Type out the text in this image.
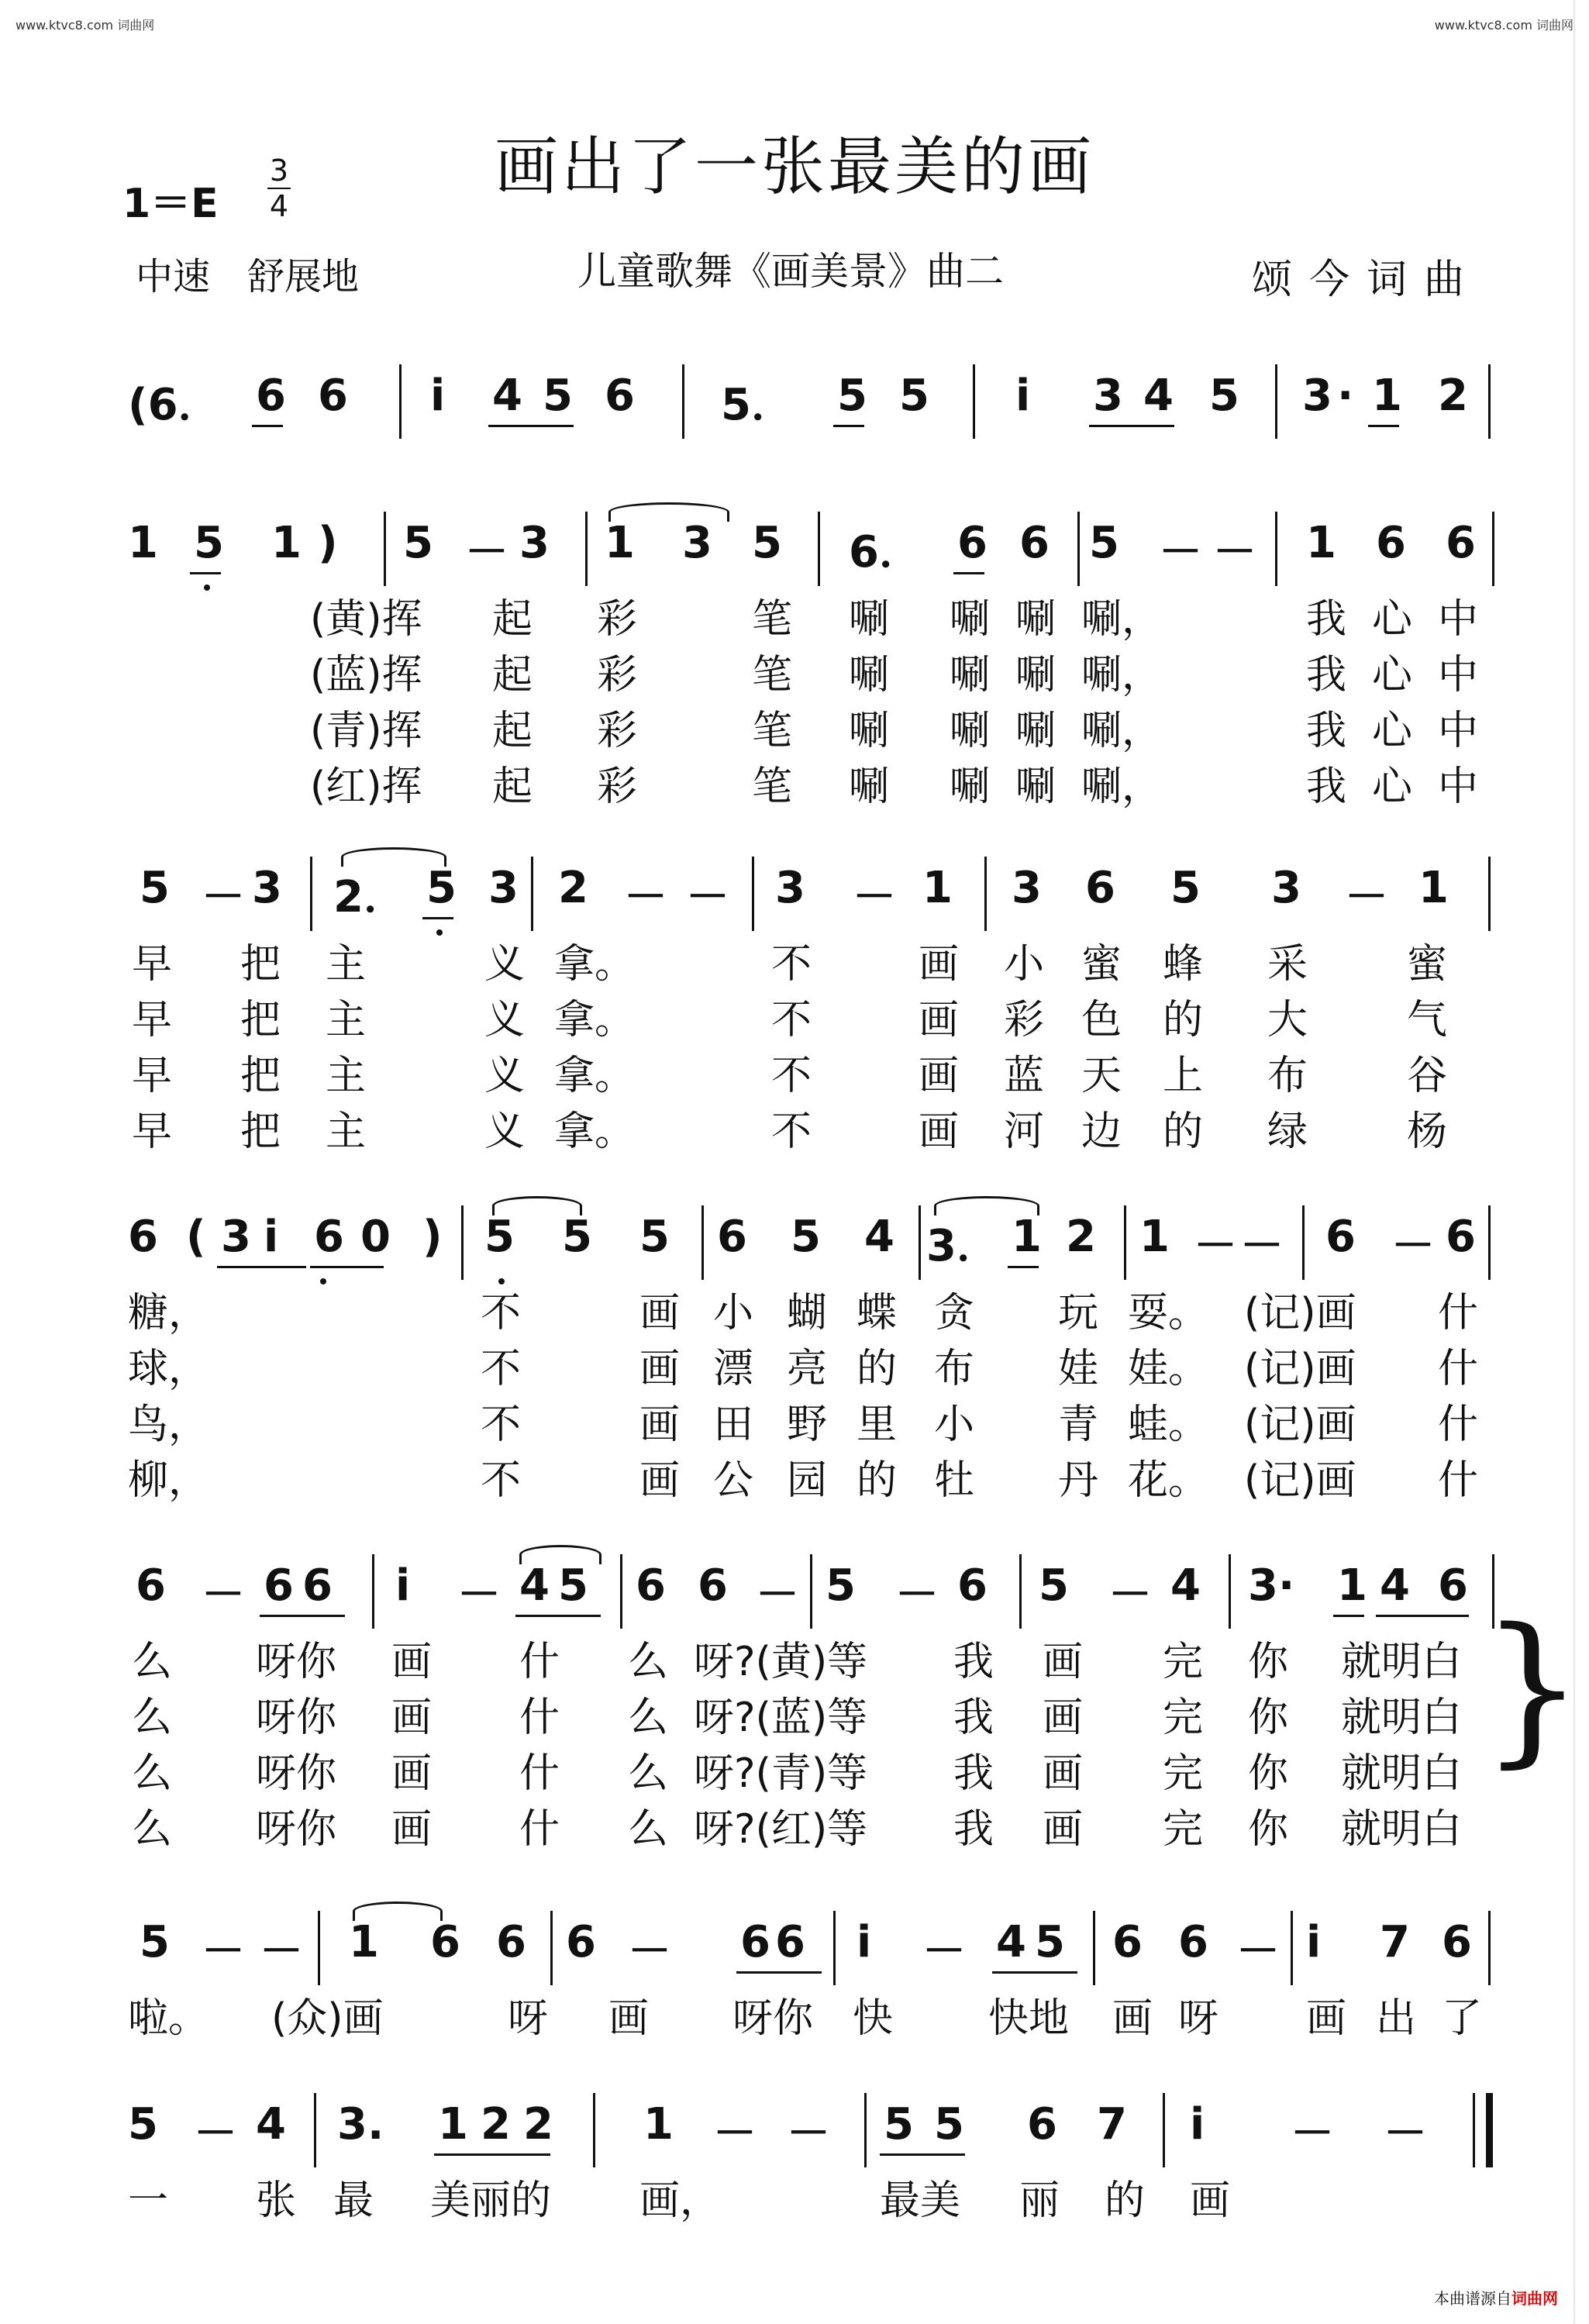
www.ktvc8.com 词曲网	www.ktvc8.com 词曲网
画出了一张最美的画
1＝E
3
4
中速　舒展地	儿童歌舞《画美景》曲二	颂今词曲
(6． 6 6 i 4 5 6 5． 5 5 i 3 4 5 3 · 1 2
1 5 1 ) 5 － 3 1 3 5 6． 6 6 5 － － 1 6 6
(黄)挥 起 彩	笔 唰 唰 唰 唰，	我 心 中
(蓝)挥 起 彩	笔 唰 唰 唰 唰，	我 心 中
(青)挥 起 彩	笔 唰 唰 唰 唰，	我 心 中
(红)挥 起 彩	笔 唰 唰 唰 唰，	我 心 中
5 － 3 2． 5 3 2 － － 3 － 1 3 6 5 3 － 1
早 把 主	义 拿。	不	画 小 蜜 蜂 采 蜜
早 把 主	义 拿。	不	画 彩 色 的 大 气
早 把 主	义 拿。	不	画 蓝 天 上 布 谷
早 把 主	义 拿。	不	画 河 边 的 绿 杨
6 ( 3 i 6 0 ) 5 5 5 6 5 4 3． 1 2 1 － － 6 － 6
糖，	不	画 小 蝴 蝶 贪 玩 耍。 (记)画 什
球，	不	画 漂 亮 的 布 娃 娃。 (记)画 什
鸟，	不	画 田 野 里 小 青 蛙。 (记)画 什
柳，	不	画 公 园 的 牡 丹 花。 (记)画 什
6 － 6 6 i － 4 5 6 6 － 5 － 6 5 － 4 3· 1 4 6
么 呀你 画 什 么 呀?(黄)等 我 画 完 你 就明白
么 呀你 画 什 么 呀?(蓝)等 我 画 完 你 就明白
么 呀你 画 什 么 呀?(青)等 我 画 完 你 就明白
么 呀你 画 什 么 呀?(红)等 我 画 完 你 就明白
}
5 － － 1 6 6 6 － 6 6 i － 4 5 6 6 － i 7 6
啦。 (众)画	呀 画 呀你 快 快地 画 呀 画 出 了
5 － 4 3. 1 2 2 1 － － 5 5 6 7 i － －
一 张 最 美丽的 画，	最美 丽 的 画
本曲谱源自词曲网
